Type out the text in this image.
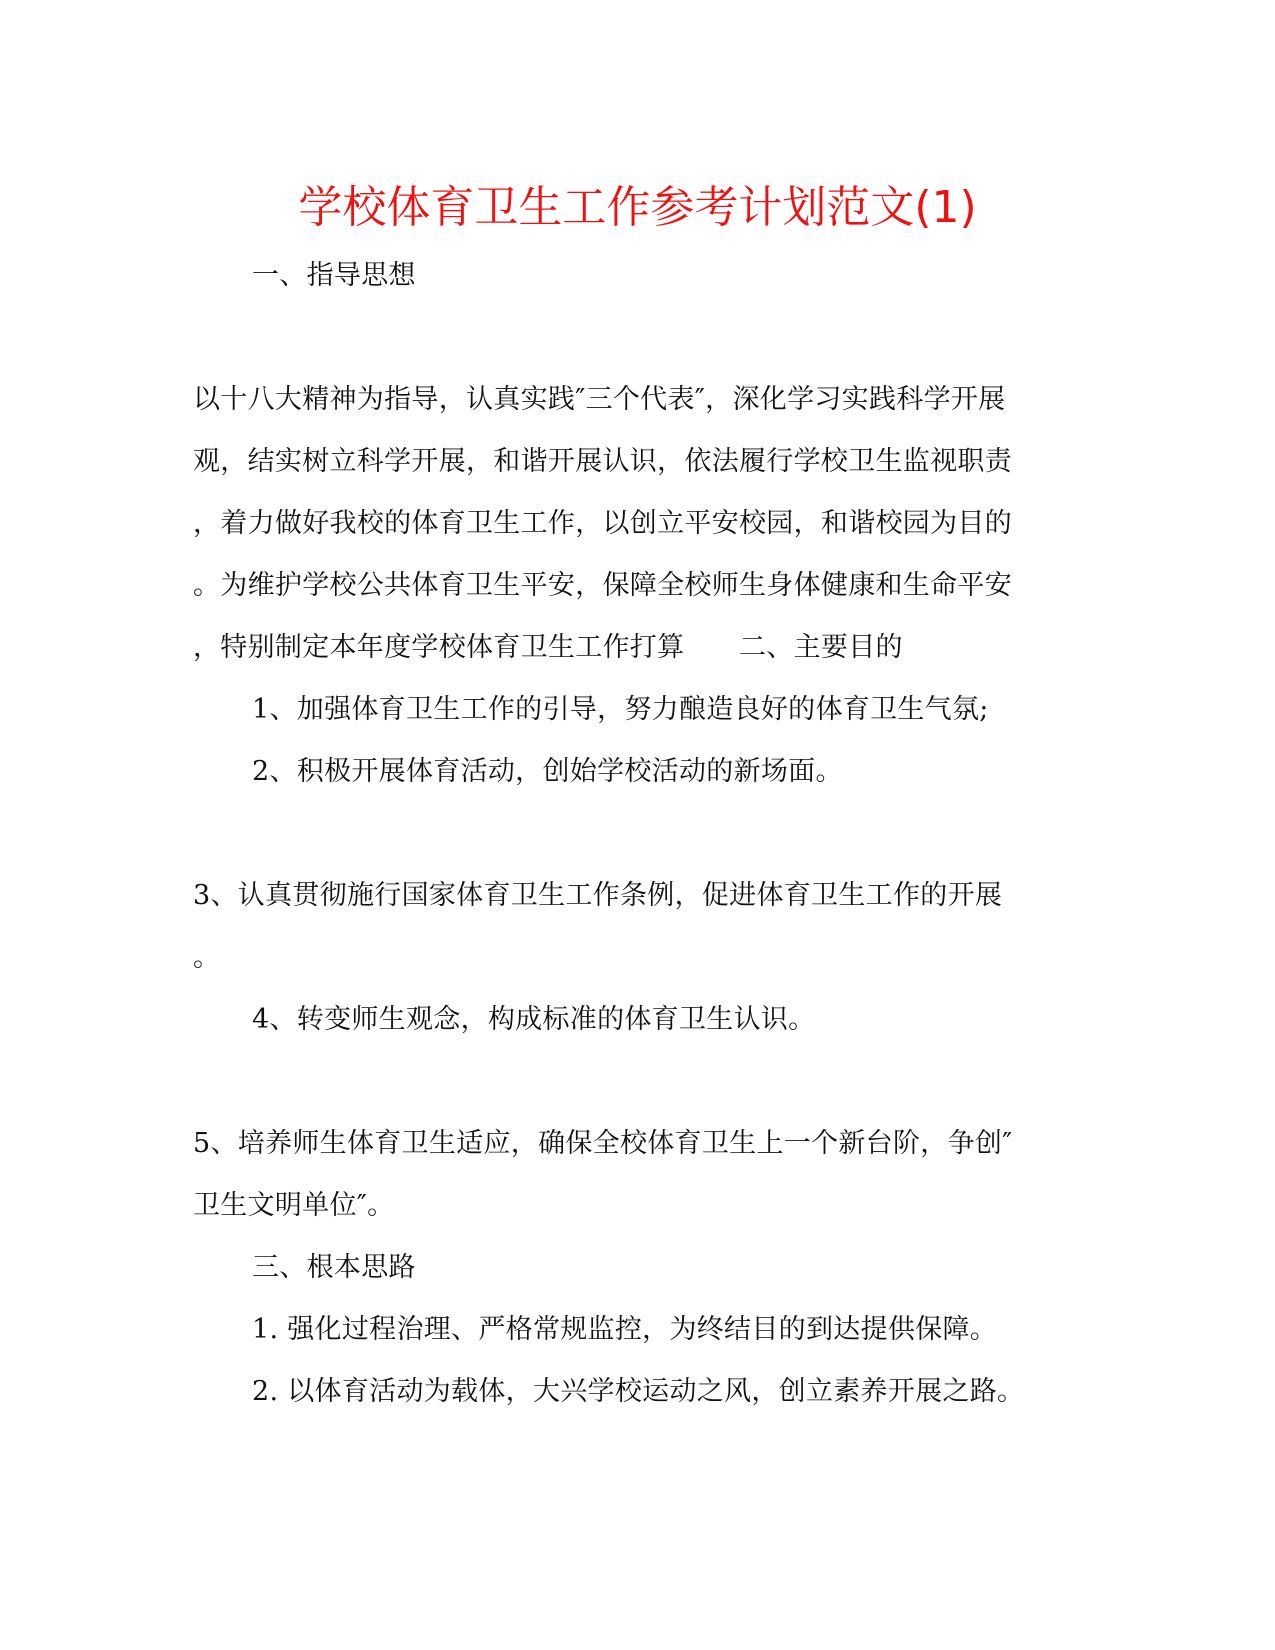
学校体育卫生工作参考计划范文(1)
一、指导思想
以十八大精神为指导，认真实践″三个代表″，深化学习实践科学开展
观，结实树立科学开展，和谐开展认识，依法履行学校卫生监视职责
，着力做好我校的体育卫生工作，以创立平安校园，和谐校园为目的
。为维护学校公共体育卫生平安，保障全校师生身体健康和生命平安
，特别制定本年度学校体育卫生工作打算　　二、主要目的
1、加强体育卫生工作的引导，努力酿造良好的体育卫生气氛;
2、积极开展体育活动，创始学校活动的新场面。
3、认真贯彻施行国家体育卫生工作条例，促进体育卫生工作的开展
。
4、转变师生观念，构成标准的体育卫生认识。
5、培养师生体育卫生适应，确保全校体育卫生上一个新台阶，争创″
卫生文明单位″。
三、根本思路
1. 强化过程治理、严格常规监控，为终结目的到达提供保障。
2. 以体育活动为载体，大兴学校运动之风，创立素养开展之路。
